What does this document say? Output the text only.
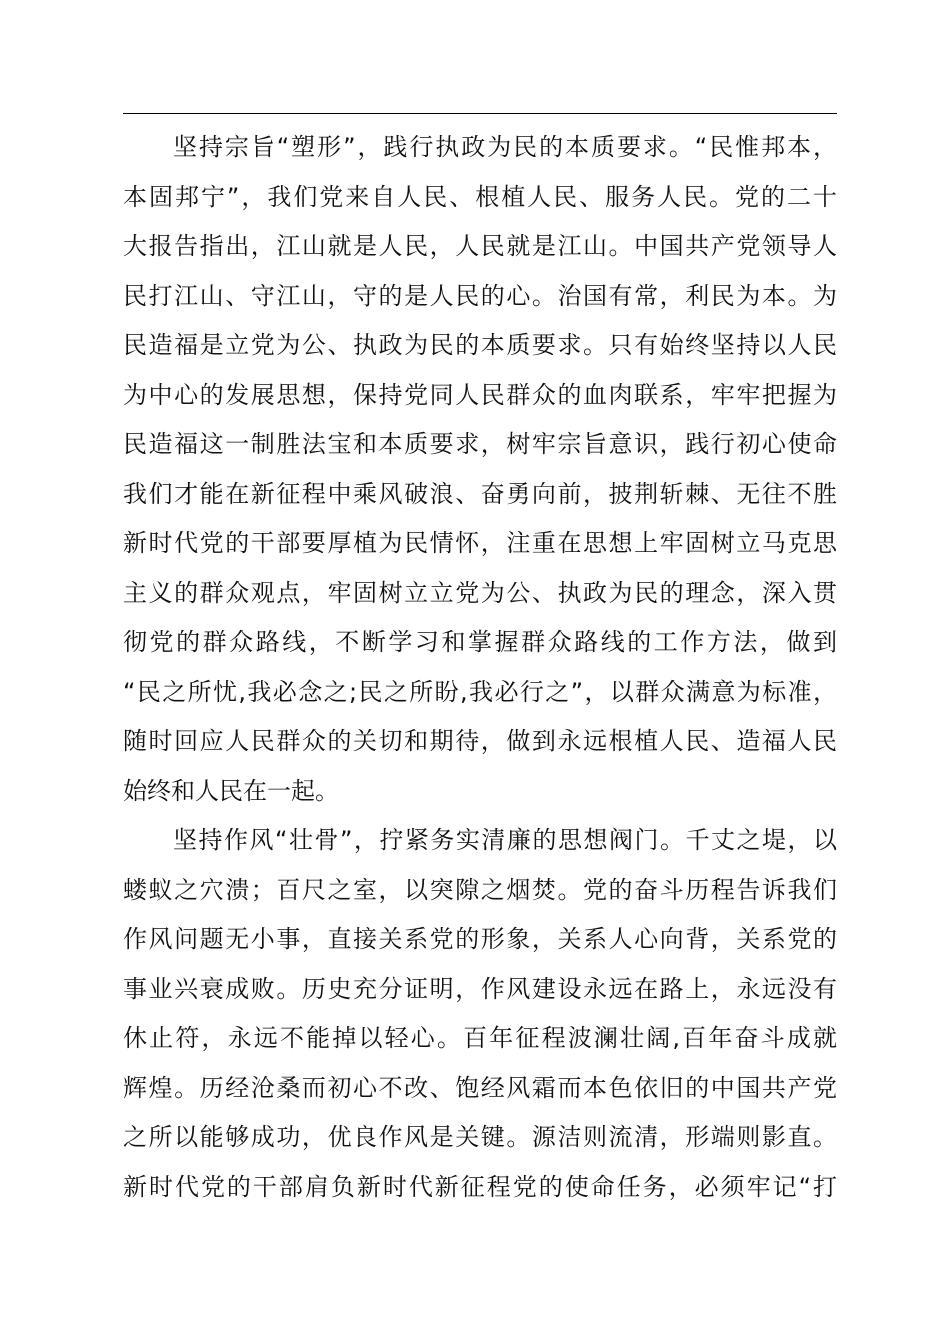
坚持宗旨“塑形”，践行执政为民的本质要求。“民惟邦本，
本固邦宁”，我们党来自人民、根植人民、服务人民。党的二十
大报告指出，江山就是人民，人民就是江山。中国共产党领导人
民打江山、守江山，守的是人民的心。治国有常，利民为本。为
民造福是立党为公、执政为民的本质要求。只有始终坚持以人民
为中心的发展思想，保持党同人民群众的血肉联系，牢牢把握为
民造福这一制胜法宝和本质要求，树牢宗旨意识，践行初心使命
我们才能在新征程中乘风破浪、奋勇向前，披荆斩棘、无往不胜
新时代党的干部要厚植为民情怀，注重在思想上牢固树立马克思
主义的群众观点，牢固树立立党为公、执政为民的理念，深入贯
彻党的群众路线，不断学习和掌握群众路线的工作方法，做到
“民之所忧,我必念之;民之所盼,我必行之”，以群众满意为标准，
随时回应人民群众的关切和期待，做到永远根植人民、造福人民
始终和人民在一起。
坚持作风“壮骨”，拧紧务实清廉的思想阀门。千丈之堤，以
蝼蚁之穴溃；百尺之室，以突隙之烟焚。党的奋斗历程告诉我们
作风问题无小事，直接关系党的形象，关系人心向背，关系党的
事业兴衰成败。历史充分证明，作风建设永远在路上，永远没有
休止符，永远不能掉以轻心。百年征程波澜壮阔,百年奋斗成就
辉煌。历经沧桑而初心不改、饱经风霜而本色依旧的中国共产党
之所以能够成功，优良作风是关键。源洁则流清，形端则影直。
新时代党的干部肩负新时代新征程党的使命任务，必须牢记“打
